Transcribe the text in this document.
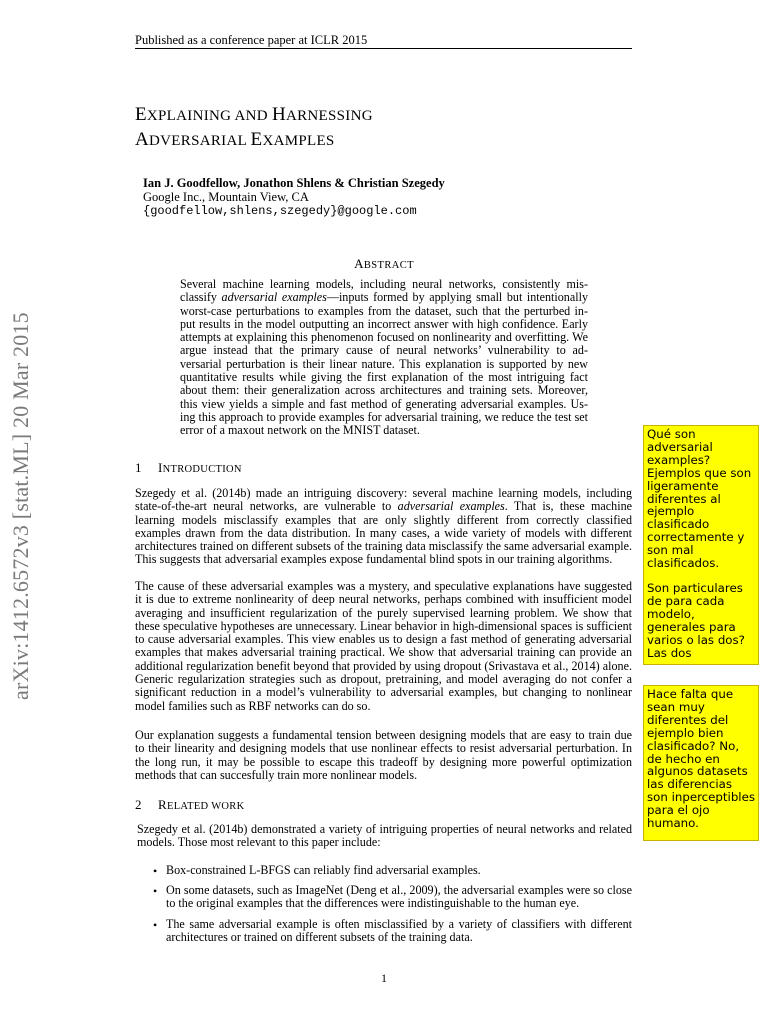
Published as a conference paper at ICLR 2015
EXPLAINING AND HARNESSING
ADVERSARIAL EXAMPLES
Ian J. Goodfellow, Jonathon Shlens & Christian Szegedy
Google Inc., Mountain View, CA
{goodfellow,shlens,szegedy}@google.com
ABSTRACT
Several machine learning models, including neural networks, consistently mis- classify adversarial examples—inputs formed by applying small but intentionally worst-case perturbations to examples from the dataset, such that the perturbed in- put results in the model outputting an incorrect answer with high confidence. Early attempts at explaining this phenomenon focused on nonlinearity and overfitting. We argue instead that the primary cause of neural networks’ vulnerability to ad- versarial perturbation is their linear nature. This explanation is supported by new quantitative results while giving the first explanation of the most intriguing fact about them: their generalization across architectures and training sets. Moreover, this view yields a simple and fast method of generating adversarial examples. Us- ing this approach to provide examples for adversarial training, we reduce the test set error of a maxout network on the MNIST dataset.
1 INTRODUCTION
Szegedy et al. (2014b) made an intriguing discovery: several machine learning models, including state-of-the-art neural networks, are vulnerable to adversarial examples. That is, these machine learning models misclassify examples that are only slightly different from correctly classified examples drawn from the data distribution. In many cases, a wide variety of models with different architectures trained on different subsets of the training data misclassify the same adversarial example. This suggests that adversarial examples expose fundamental blind spots in our training algorithms.
The cause of these adversarial examples was a mystery, and speculative explanations have suggested it is due to extreme nonlinearity of deep neural networks, perhaps combined with insufficient model averaging and insufficient regularization of the purely supervised learning problem. We show that these speculative hypotheses are unnecessary. Linear behavior in high-dimensional spaces is sufficient to cause adversarial examples. This view enables us to design a fast method of generating adversarial examples that makes adversarial training practical. We show that adversarial training can provide an additional regularization benefit beyond that provided by using dropout (Srivastava et al., 2014) alone. Generic regularization strategies such as dropout, pretraining, and model averaging do not confer a significant reduction in a model’s vulnerability to adversarial examples, but changing to nonlinear model families such as RBF networks can do so.
Our explanation suggests a fundamental tension between designing models that are easy to train due to their linearity and designing models that use nonlinear effects to resist adversarial perturbation. In the long run, it may be possible to escape this tradeoff by designing more powerful optimization methods that can succesfully train more nonlinear models.
2 RELATED WORK
Szegedy et al. (2014b) demonstrated a variety of intriguing properties of neural networks and related models. Those most relevant to this paper include:
• Box-constrained L-BFGS can reliably find adversarial examples.
• On some datasets, such as ImageNet (Deng et al., 2009), the adversarial examples were so close to the original examples that the differences were indistinguishable to the human eye.
• The same adversarial example is often misclassified by a variety of classifiers with different architectures or trained on different subsets of the training data.
arXiv:1412.6572v3 [stat.ML] 20 Mar 2015
1

Qué son adversarial examples? Ejemplos que son ligeramente diferentes al ejemplo clasificado correctamente y son mal clasificados.

Son particulares de para cada modelo, generales para varios o las dos? Las dos

Hace falta que sean muy diferentes del ejemplo bien clasificado? No, de hecho en algunos datasets las diferencias son inperceptibles para el ojo humano.
